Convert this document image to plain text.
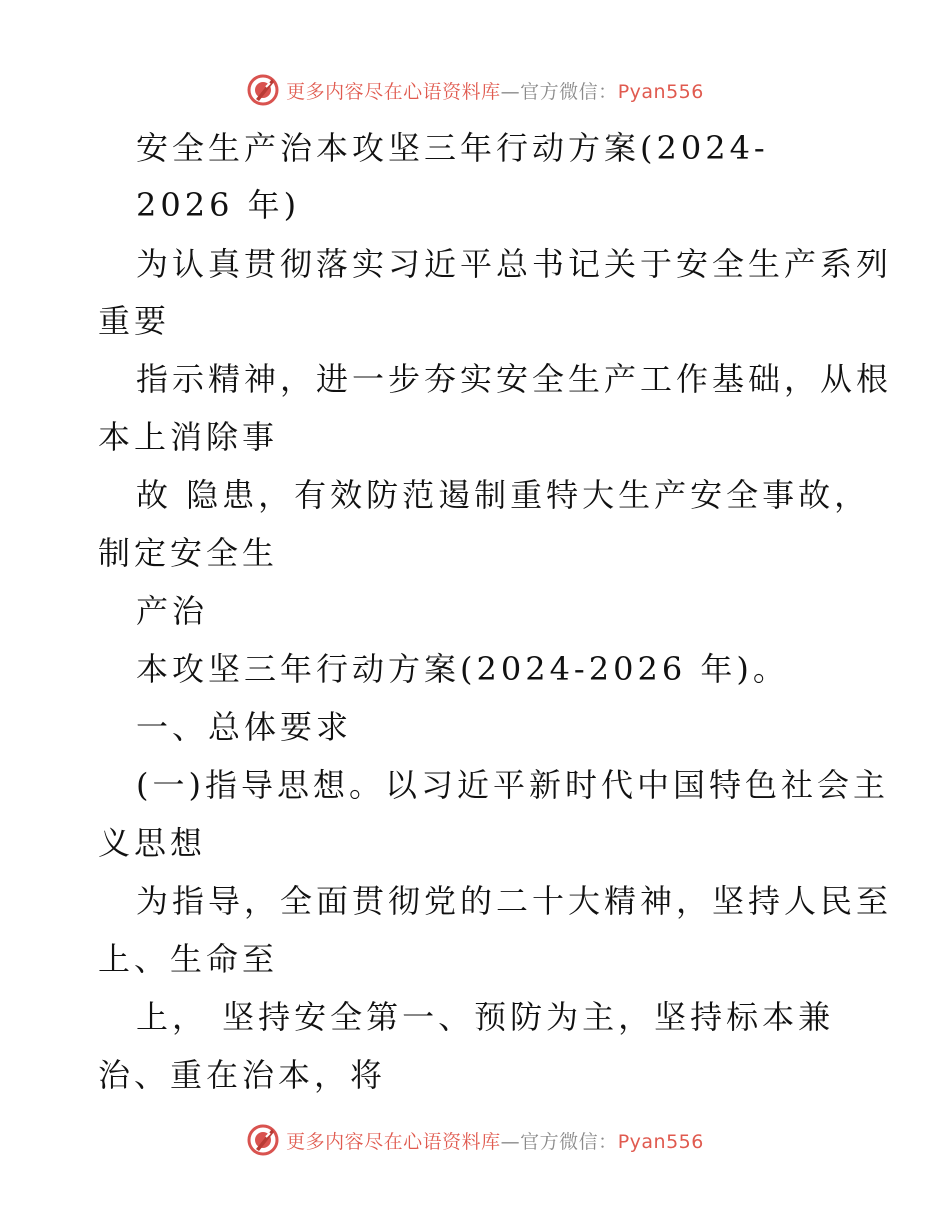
更多内容尽在心语资料库—官方微信：Pyan556
安全生产治本攻坚三年行动方案(2024-
2026 年)
为认真贯彻落实习近平总书记关于安全生产系列
重要
指示精神，进一步夯实安全生产工作基础，从根
本上消除事
故 隐患，有效防范遏制重特大生产安全事故，
制定安全生
产治
本攻坚三年行动方案(2024-2026 年)。
一、总体要求
(一)指导思想。以习近平新时代中国特色社会主
义思想
为指导，全面贯彻党的二十大精神，坚持人民至
上、生命至
上， 坚持安全第一、预防为主，坚持标本兼
治、重在治本，将
更多内容尽在心语资料库—官方微信：Pyan556
